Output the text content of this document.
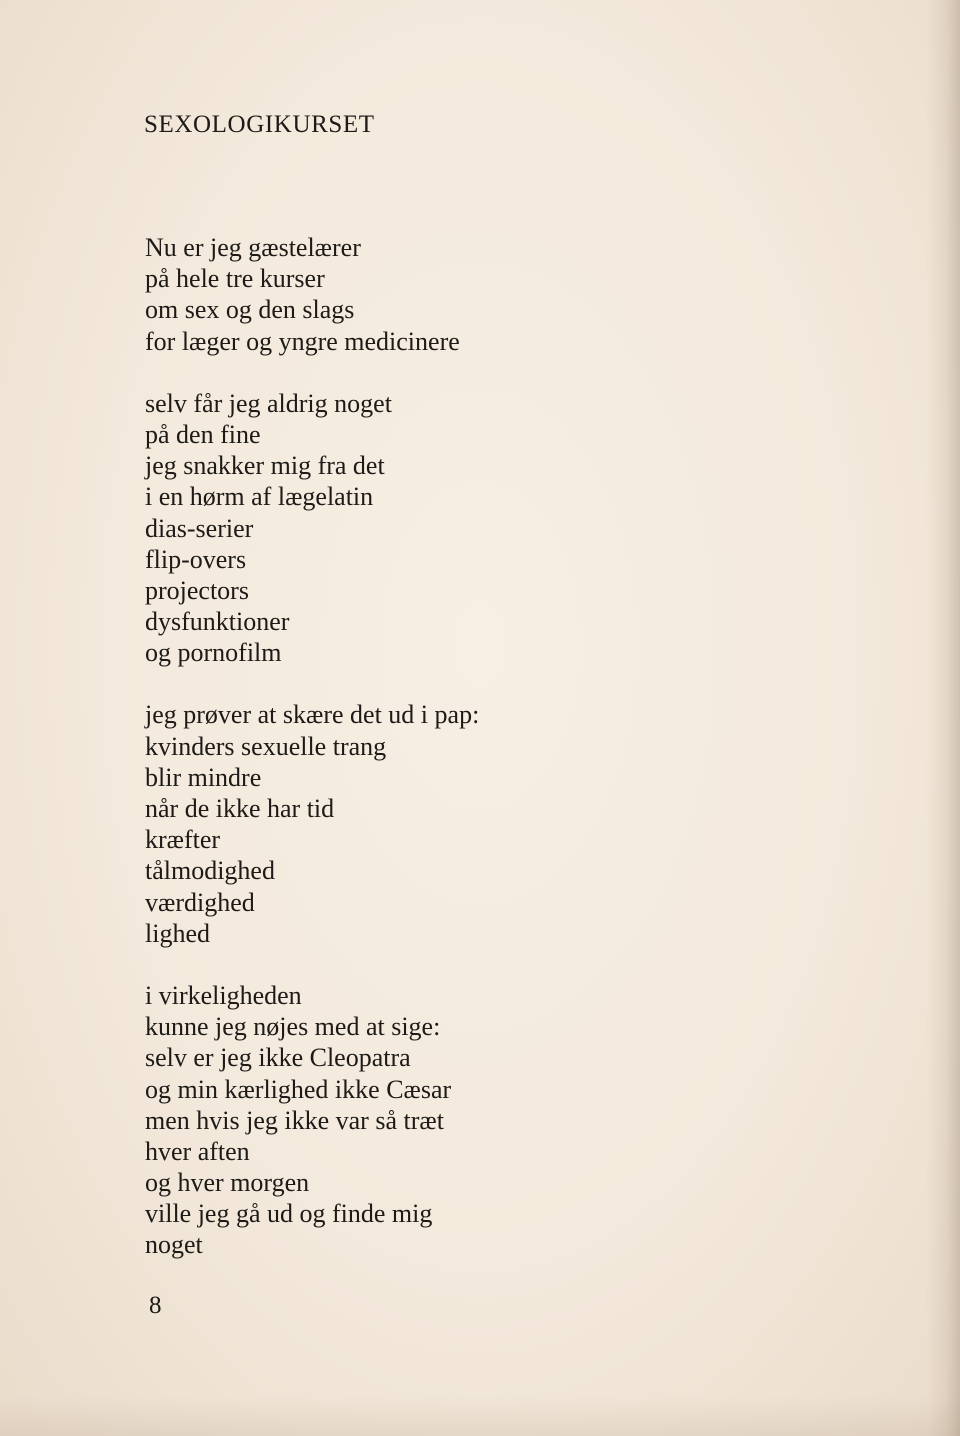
SEXOLOGIKURSET
Nu er jeg gæstelærer
på hele tre kurser
om sex og den slags
for læger og yngre medicinere
selv får jeg aldrig noget
på den fine
jeg snakker mig fra det
i en hørm af lægelatin
dias-serier
flip-overs
projectors
dysfunktioner
og pornofilm
jeg prøver at skære det ud i pap:
kvinders sexuelle trang
blir mindre
når de ikke har tid
kræfter
tålmodighed
værdighed
lighed
i virkeligheden
kunne jeg nøjes med at sige:
selv er jeg ikke Cleopatra
og min kærlighed ikke Cæsar
men hvis jeg ikke var så træt
hver aften
og hver morgen
ville jeg gå ud og finde mig
noget
8
